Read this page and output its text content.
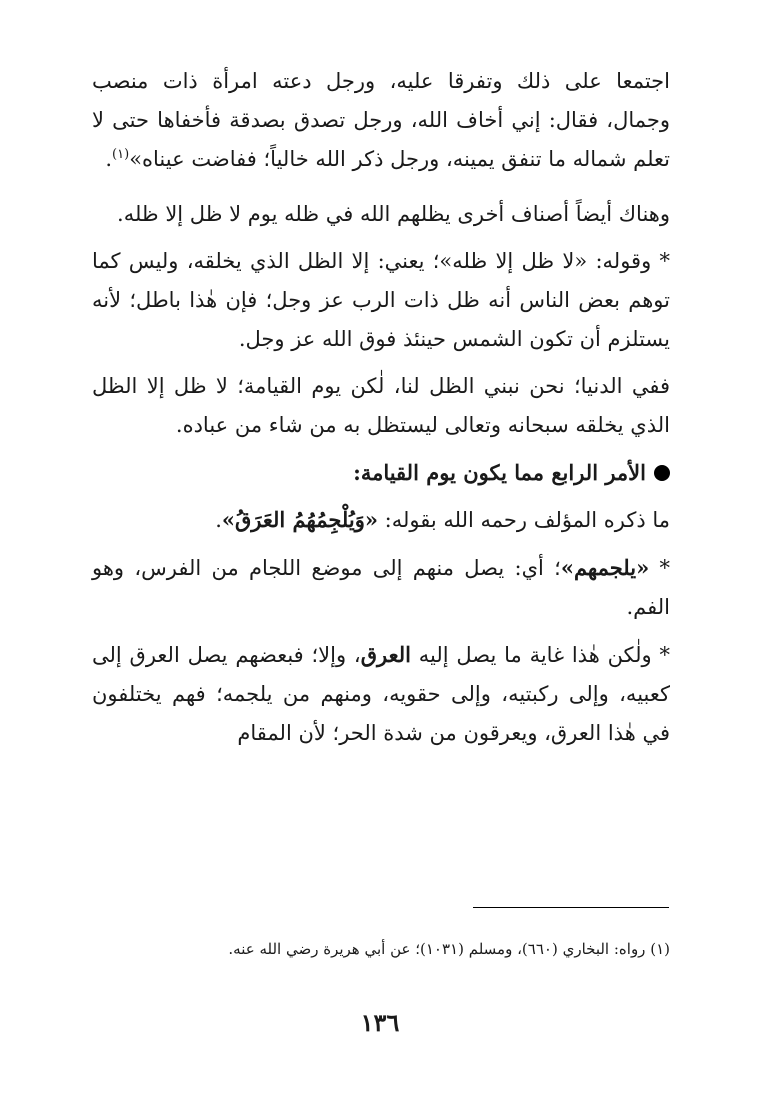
اجتمعا على ذلك وتفرقا عليه، ورجل دعته امرأة ذات منصب وجمال، فقال: إني أخاف الله، ورجل تصدق بصدقة فأخفاها حتى لا تعلم شماله ما تنفق يمينه، ورجل ذكر الله خالياً؛ ففاضت عيناه»$^{(١)}$.

وهناك أيضاً أصناف أخرى يظلهم الله في ظله يوم لا ظل إلا ظله.

* وقوله: «لا ظل إلا ظله»؛ يعني: إلا الظل الذي يخلقه، وليس كما توهم بعض الناس أنه ظل ذات الرب عز وجل؛ فإن هٰذا باطل؛ لأنه يستلزم أن تكون الشمس حينئذ فوق الله عز وجل.

ففي الدنيا؛ نحن نبني الظل لنا، لٰكن يوم القيامة؛ لا ظل إلا الظل الذي يخلقه سبحانه وتعالى ليستظل به من شاء من عباده.

الأمر الرابع مما يكون يوم القيامة:

ما ذكره المؤلف رحمه الله بقوله: «وَيُلْجِمُهُمُ العَرَقُ».

* «يلجمهم»؛ أي: يصل منهم إلى موضع اللجام من الفرس، وهو الفم.

* ولٰكن هٰذا غاية ما يصل إليه العرق، وإلا؛ فبعضهم يصل العرق إلى كعبيه، وإلى ركبتيه، وإلى حقويه، ومنهم من يلجمه؛ فهم يختلفون في هٰذا العرق، ويعرقون من شدة الحر؛ لأن المقام

(١) رواه: البخاري (٦٦٠)، ومسلم (١٠٣١)؛ عن أبي هريرة رضي الله عنه.
١٣٦
